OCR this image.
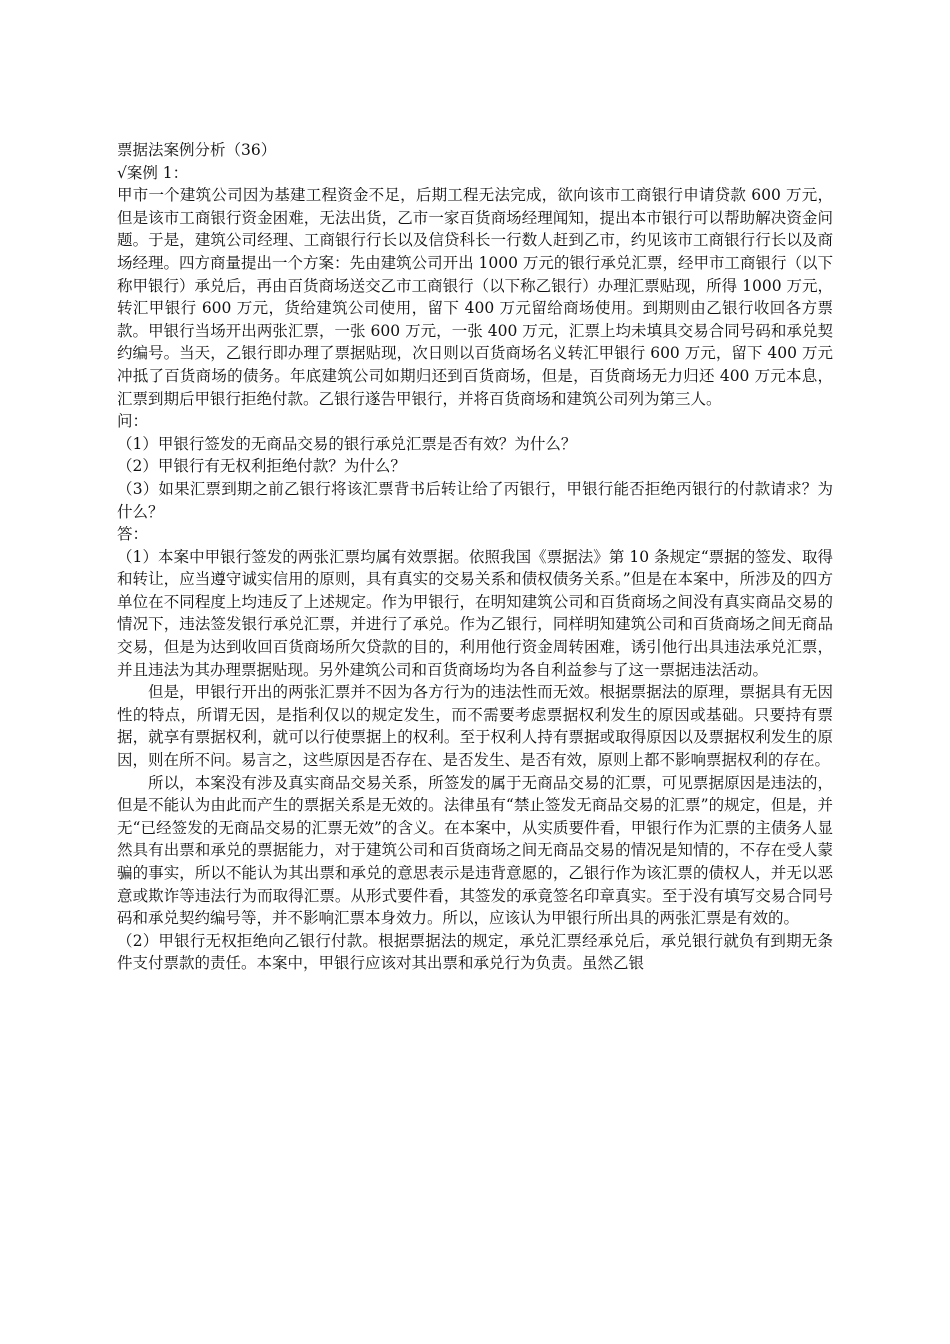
票据法案例分析（36）

√案例 1：

甲市一个建筑公司因为基建工程资金不足，后期工程无法完成，欲向该市工商银行申请贷款 600 万元，但是该市工商银行资金困难，无法出货，乙市一家百货商场经理闻知，提出本市银行可以帮助解决资金问题。于是，建筑公司经理、工商银行行长以及信贷科长一行数人赶到乙市，约见该市工商银行行长以及商场经理。四方商量提出一个方案：先由建筑公司开出 1000 万元的银行承兑汇票，经甲市工商银行（以下称甲银行）承兑后，再由百货商场送交乙市工商银行（以下称乙银行）办理汇票贴现，所得 1000 万元，转汇甲银行 600 万元，货给建筑公司使用，留下 400 万元留给商场使用。到期则由乙银行收回各方票款。甲银行当场开出两张汇票，一张 600 万元，一张 400 万元，汇票上均未填具交易合同号码和承兑契约编号。当天，乙银行即办理了票据贴现，次日则以百货商场名义转汇甲银行 600 万元，留下 400 万元冲抵了百货商场的债务。年底建筑公司如期归还到百货商场，但是，百货商场无力归还 400 万元本息，汇票到期后甲银行拒绝付款。乙银行遂告甲银行，并将百货商场和建筑公司列为第三人。

问：

（1）甲银行签发的无商品交易的银行承兑汇票是否有效？为什么？

（2）甲银行有无权利拒绝付款？为什么？

（3）如果汇票到期之前乙银行将该汇票背书后转让给了丙银行，甲银行能否拒绝丙银行的付款请求？为什么？

答：

（1）本案中甲银行签发的两张汇票均属有效票据。依照我国《票据法》第 10 条规定“票据的签发、取得和转让，应当遵守诚实信用的原则，具有真实的交易关系和债权债务关系。”但是在本案中，所涉及的四方单位在不同程度上均违反了上述规定。作为甲银行，在明知建筑公司和百货商场之间没有真实商品交易的情况下，违法签发银行承兑汇票，并进行了承兑。作为乙银行，同样明知建筑公司和百货商场之间无商品交易，但是为达到收回百货商场所欠贷款的目的，利用他行资金周转困难，诱引他行出具违法承兑汇票，并且违法为其办理票据贴现。另外建筑公司和百货商场均为各自利益参与了这一票据违法活动。

但是，甲银行开出的两张汇票并不因为各方行为的违法性而无效。根据票据法的原理，票据具有无因性的特点，所谓无因，是指利仅以的规定发生，而不需要考虑票据权利发生的原因或基础。只要持有票据，就享有票据权利，就可以行使票据上的权利。至于权利人持有票据或取得原因以及票据权利发生的原因，则在所不问。易言之，这些原因是否存在、是否发生、是否有效，原则上都不影响票据权利的存在。

所以，本案没有涉及真实商品交易关系，所签发的属于无商品交易的汇票，可见票据原因是违法的，但是不能认为由此而产生的票据关系是无效的。法律虽有“禁止签发无商品交易的汇票”的规定，但是，并无“已经签发的无商品交易的汇票无效”的含义。在本案中，从实质要件看，甲银行作为汇票的主债务人显然具有出票和承兑的票据能力，对于建筑公司和百货商场之间无商品交易的情况是知情的，不存在受人蒙骗的事实，所以不能认为其出票和承兑的意思表示是违背意愿的，乙银行作为该汇票的债权人，并无以恶意或欺诈等违法行为而取得汇票。从形式要件看，其签发的承竟签名印章真实。至于没有填写交易合同号码和承兑契约编号等，并不影响汇票本身效力。所以，应该认为甲银行所出具的两张汇票是有效的。

（2）甲银行无权拒绝向乙银行付款。根据票据法的规定，承兑汇票经承兑后，承兑银行就负有到期无条件支付票款的责任。本案中，甲银行应该对其出票和承兑行为负责。虽然乙银
